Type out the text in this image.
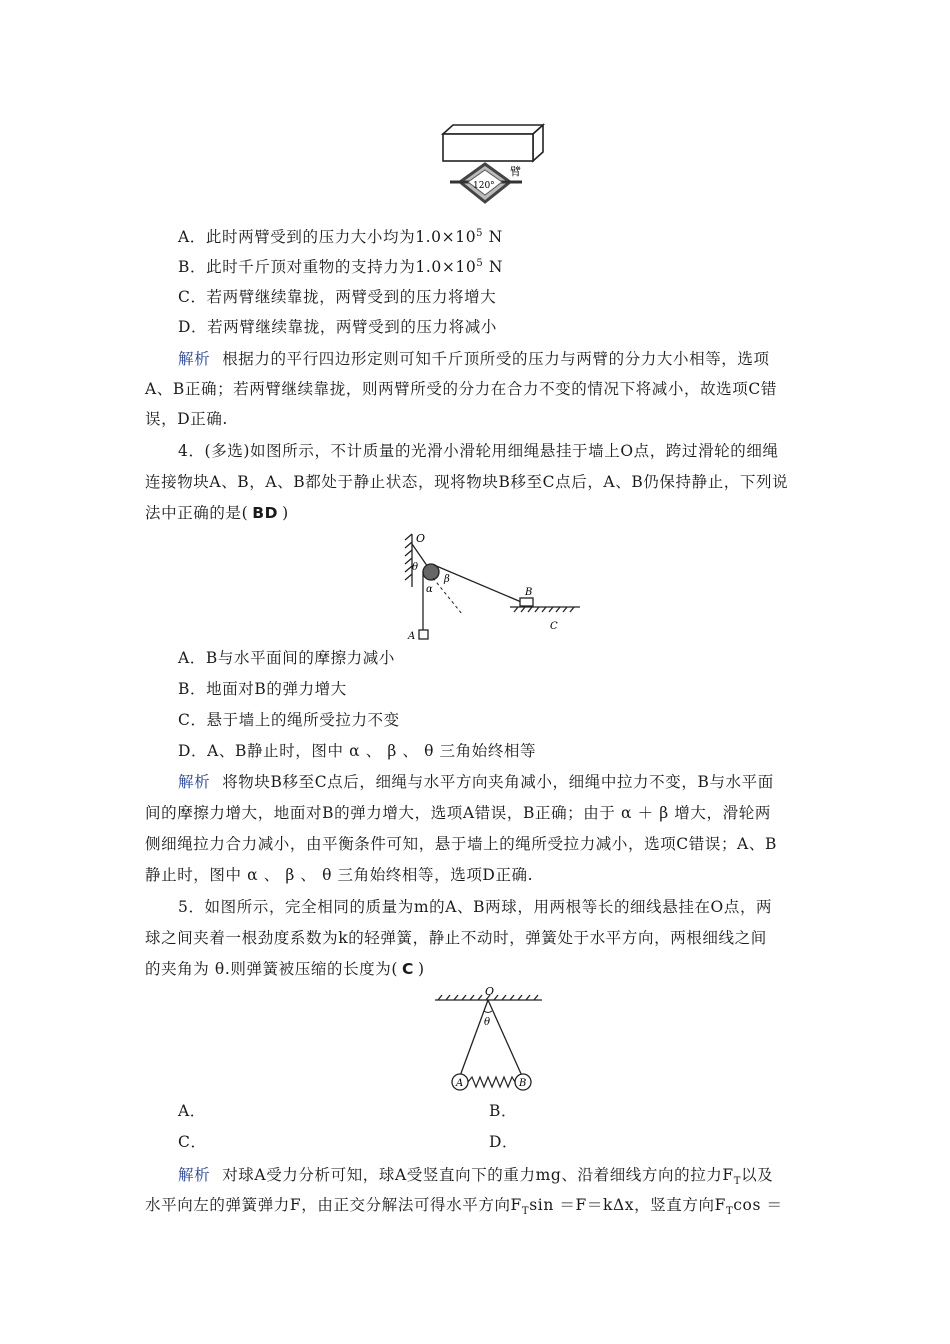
臂
120°
A．此时两臂受到的压力大小均为$1.0\times 10^5$ N
B．此时千斤顶对重物的支持力为$1.0\times 10^5$ N
C．若两臂继续靠拢，两臂受到的压力将增大
D．若两臂继续靠拢，两臂受到的压力将减小
解析 根据力的平行四边形定则可知千斤顶所受的压力与两臂的分力大小相等，选项
A、B正确；若两臂继续靠拢，则两臂所受的分力在合力不变的情况下将减小，故选项C错
误，D正确.
4．(多选)如图所示，不计质量的光滑小滑轮用细绳悬挂于墙上O点，跨过滑轮的细绳
连接物块A、B，A、B都处于静止状态，现将物块B移至C点后，A、B仍保持静止，下列说
法中正确的是( BD )
O
θ
α
β
B
A
C
A．B与水平面间的摩擦力减小
B．地面对B的弹力增大
C．悬于墙上的绳所受拉力不变
D．A、B静止时，图中 α 、 β 、 θ 三角始终相等
解析 将物块B移至C点后，细绳与水平方向夹角减小，细绳中拉力不变，B与水平面
间的摩擦力增大，地面对B的弹力增大，选项A错误，B正确；由于 α ＋ β 增大，滑轮两
侧细绳拉力合力减小，由平衡条件可知，悬于墙上的绳所受拉力减小，选项C错误；A、B
静止时，图中 α 、 β 、 θ 三角始终相等，选项D正确.
5．如图所示，完全相同的质量为m的A、B两球，用两根等长的细线悬挂在O点，两
球之间夹着一根劲度系数为k的轻弹簧，静止不动时，弹簧处于水平方向，两根细线之间
的夹角为 θ.则弹簧被压缩的长度为( C )
O
θ
A	B
A．	B．
C．	D．
解析 对球A受力分析可知，球A受竖直向下的重力mg、沿着细线方向的拉力$F_T$以及
水平向左的弹簧弹力F，由正交分解法可得水平方向$F_T\sin =F=k\Delta x$，竖直方向$F_T\cos$ ＝
